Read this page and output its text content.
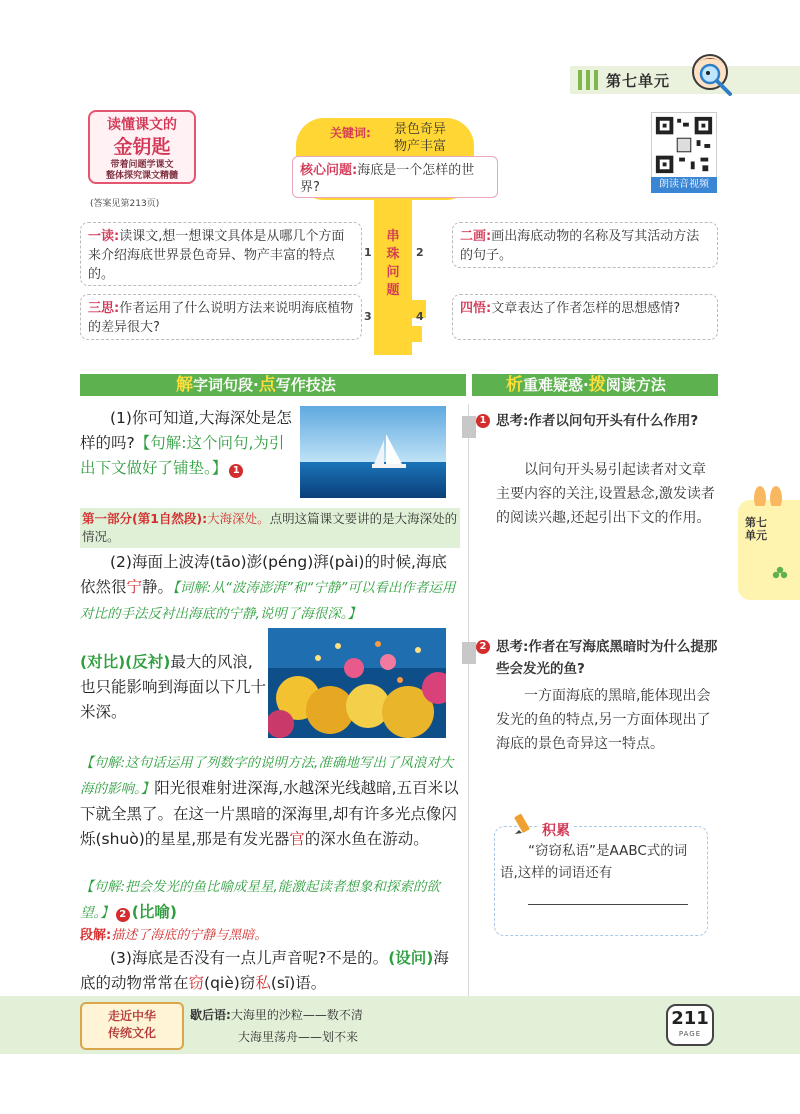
第七单元
读懂课文的
金钥匙
带着问题学课文
整体探究课文精髓
(答案见第213页)
关键词: 景色奇异
物产丰富
核心问题:海底是一个怎样的世界?
串珠问题
1	2
3	4
一读:读课文,想一想课文具体是从哪几个方面来介绍海底世界景色奇异、物产丰富的特点的。
二画:画出海底动物的名称及写其活动方法的句子。
三思:作者运用了什么说明方法来说明海底植物的差异很大?
四悟:文章表达了作者怎样的思想感情?
朗读音视频
解字词句段·点写作技法	析重难疑惑·拨阅读方法
(1)你可知道,大海深处是怎样的吗?【句解:这个问句,为引出下文做好了铺垫。】 1
第一部分(第1自然段):大海深处。点明这篇课文要讲的是大海深处的情况。
(2)海面上波涛(tāo)澎(péng)湃(pài)的时候,海底依然很宁静。【词解:从“波涛澎湃”和“宁静”可以看出作者运用对比的手法反衬出海底的宁静,说明了海很深。】
(对比)(反衬)最大的风浪,也只能影响到海面以下几十米深。
【句解:这句话运用了列数字的说明方法,准确地写出了风浪对大海的影响。】阳光很难射进深海,水越深光线越暗,五百米以下就全黑了。在这一片黑暗的深海里,却有许多光点像闪烁(shuò)的星星,那是有发光器官的深水鱼在游动。
【句解:把会发光的鱼比喻成星星,能激起读者想象和探索的欲望。】 2 (比喻)
段解:描述了海底的宁静与黑暗。
(3)海底是否没有一点儿声音呢?不是的。(设问)海底的动物常常在窃(qiè)窃私(sī)语。
1 思考:作者以问句开头有什么作用?
以问句开头易引起读者对文章主要内容的关注,设置悬念,激发读者的阅读兴趣,还起引出下文的作用。
2 思考:作者在写海底黑暗时为什么提那些会发光的鱼?
一方面海底的黑暗,能体现出会发光的鱼的特点,另一方面体现出了海底的景色奇异这一特点。
第七单元
积累
“窃窃私语”是AABC式的词语,这样的词语还有
走近中华
传统文化
歇后语:大海里的沙粒——数不清
大海里荡舟——划不来
211
PAGE
